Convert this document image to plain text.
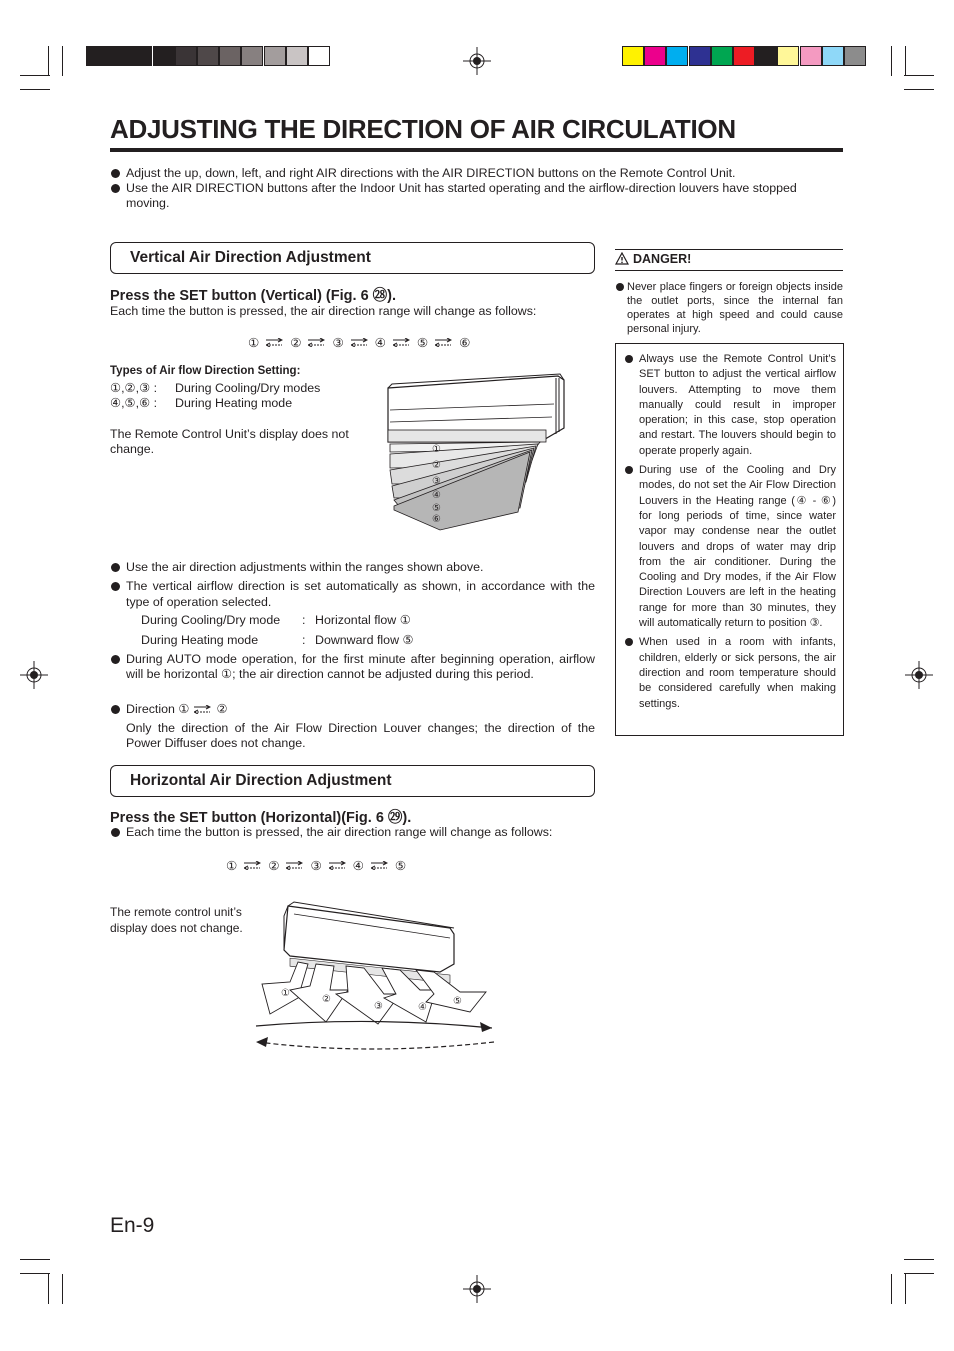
ADJUSTING THE DIRECTION OF AIR CIRCULATION
Adjust the up, down, left, and right AIR directions with the AIR DIRECTION buttons on the Remote Control Unit.
Use the AIR DIRECTION buttons after the Indoor Unit has started operating and the airflow-direction louvers have stopped moving.
Vertical Air Direction Adjustment
Press the SET button (Vertical) (Fig. 6 ㉘).
Each time the button is pressed, the air direction range will change as follows:
① ② ③ ④ ⑤ ⑥
Types of Air flow Direction Setting:
①,②,③ : During Cooling/Dry modes
④,⑤,⑥ : During Heating mode
The Remote Control Unit’s display does not change.	①
②
③
④
⑤
⑥
Use the air direction adjustments within the ranges shown above.
The vertical airflow direction is set automatically as shown, in accordance with the type of operation selected.
During Cooling/Dry mode : Horizontal flow ①
During Heating mode	: Downward flow ⑤
During AUTO mode operation, for the first minute after beginning operation, airflow will be horizontal ①; the air direction cannot be adjusted during this period.
Direction ① ②
Only the direction of the Air Flow Direction Louver changes; the direction of the Power Diffuser does not change.
Horizontal Air Direction Adjustment
Press the SET button (Horizontal)(Fig. 6 ㉙).
Each time the button is pressed, the air direction range will change as follows:
① ② ③ ④ ⑤
The remote control unit’s display does not change.
①
②
③	④
⑤
DANGER!
Never place fingers or foreign objects inside the outlet ports, since the internal fan operates at high speed and could cause personal injury.
Always use the Remote Control Unit’s SET button to adjust the vertical airflow louvers. Attempting to move them manually could result in improper operation; in this case, stop operation and restart. The louvers should begin to operate properly again.
During use of the Cooling and Dry modes, do not set the Air Flow Direction Louvers in the Heating range (④ - ⑥) for long periods of time, since water vapor may condense near the outlet louvers and drops of water may drip from the air conditioner. During the Cooling and Dry modes, if the Air Flow Direction Louvers are left in the heating range for more than 30 minutes, they will automatically return to position ③.
When used in a room with infants, children, elderly or sick persons, the air direction and room temperature should be considered carefully when making settings.
En-9
